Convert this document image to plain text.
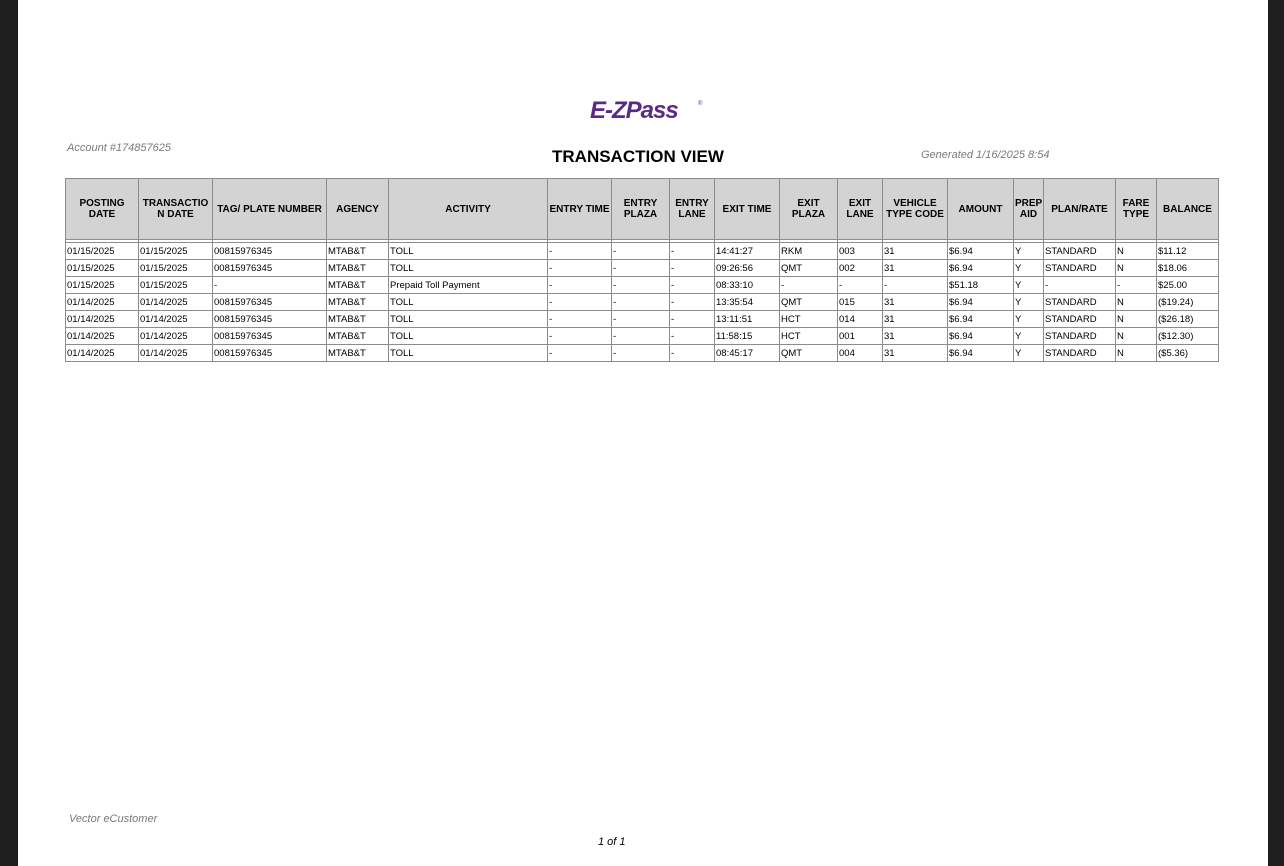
E-ZPass	®
Account #174857625	TRANSACTION VIEW	Generated 1/16/2025 8:54
POSTING DATE	TRANSACTIO N DATE	TAG/ PLATE NUMBER	AGENCY	ACTIVITY	ENTRY TIME	ENTRY PLAZA	ENTRY LANE	EXIT TIME	EXIT PLAZA	EXIT LANE	VEHICLE TYPE CODE	AMOUNT	PREP AID	PLAN/RATE	FARE TYPE	BALANCE

01/15/2025	01/15/2025	00815976345	MTAB&T	TOLL	-	-	-	14:41:27	RKM	003	31	$6.94	Y	STANDARD	N	$11.12
01/15/2025	01/15/2025	00815976345	MTAB&T	TOLL	-	-	-	09:26:56	QMT	002	31	$6.94	Y	STANDARD	N	$18.06
01/15/2025	01/15/2025	-	MTAB&T	Prepaid Toll Payment	-	-	-	08:33:10	-	-	-	$51.18	Y	-	-	$25.00
01/14/2025	01/14/2025	00815976345	MTAB&T	TOLL	-	-	-	13:35:54	QMT	015	31	$6.94	Y	STANDARD	N	($19.24)
01/14/2025	01/14/2025	00815976345	MTAB&T	TOLL	-	-	-	13:11:51	HCT	014	31	$6.94	Y	STANDARD	N	($26.18)
01/14/2025	01/14/2025	00815976345	MTAB&T	TOLL	-	-	-	11:58:15	HCT	001	31	$6.94	Y	STANDARD	N	($12.30)
01/14/2025	01/14/2025	00815976345	MTAB&T	TOLL	-	-	-	08:45:17	QMT	004	31	$6.94	Y	STANDARD	N	($5.36)
Vector eCustomer
1 of 1
